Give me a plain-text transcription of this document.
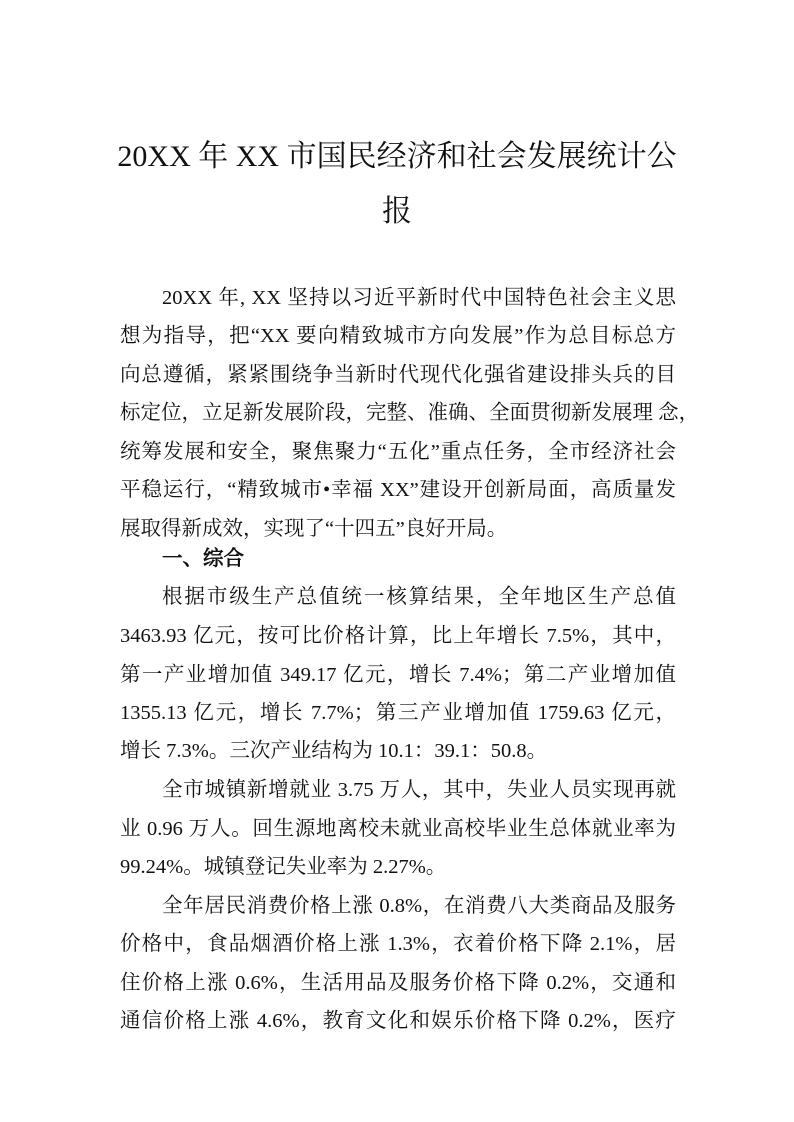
20XX 年 XX 市国民经济和社会发展统计公
报
20XX 年, XX 坚持以习近平新时代中国特色社会主义思
想为指导，把“XX 要向精致城市方向发展”作为总目标总方
向总遵循，紧紧围绕争当新时代现代化强省建设排头兵的目
标定位，立足新发展阶段，完整、准确、全面贯彻新发展理 念，
统筹发展和安全，聚焦聚力“五化”重点任务，全市经济社会
平稳运行，“精致城市•幸福 XX”建设开创新局面，高质量发
展取得新成效，实现了“十四五”良好开局。
一、综合
根据市级生产总值统一核算结果，全年地区生产总值
3463.93 亿元，按可比价格计算，比上年增长 7.5%，其中，
第一产业增加值 349.17 亿元，增长 7.4%；第二产业增加值
1355.13 亿元，增长 7.7%；第三产业增加值 1759.63 亿元，
增长 7.3%。三次产业结构为 10.1：39.1：50.8。
全市城镇新增就业 3.75 万人，其中，失业人员实现再就
业 0.96 万人。回生源地离校未就业高校毕业生总体就业率为
99.24%。城镇登记失业率为 2.27%。
全年居民消费价格上涨 0.8%，在消费八大类商品及服务
价格中，食品烟酒价格上涨 1.3%，衣着价格下降 2.1%，居
住价格上涨 0.6%，生活用品及服务价格下降 0.2%，交通和
通信价格上涨 4.6%，教育文化和娱乐价格下降 0.2%，医疗
